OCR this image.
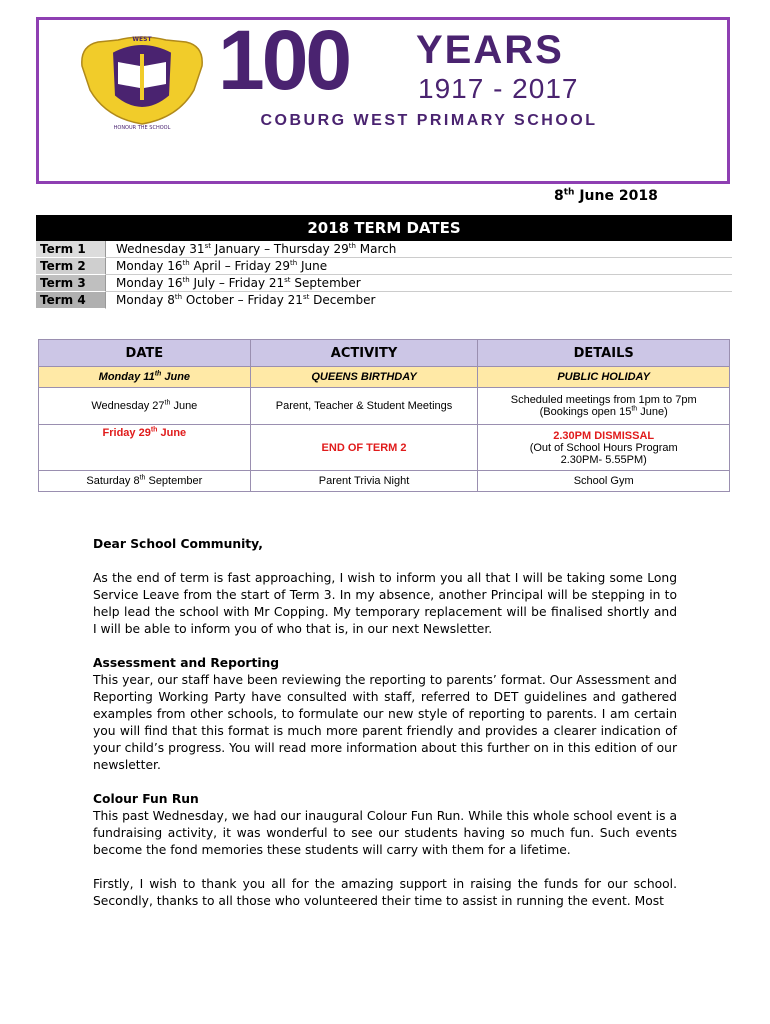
WEST
HONOUR THE SCHOOL
100 YEARS
1917 - 2017
COBURG WEST PRIMARY SCHOOL
8th June 2018
2018 TERM DATES
Term 1	Wednesday 31st January – Thursday 29th March
Term 2	Monday 16th April – Friday 29th June
Term 3	Monday 16th July – Friday 21st September
Term 4	Monday 8th October – Friday 21st December
DATE	ACTIVITY	DETAILS
Monday 11th June	QUEENS BIRTHDAY	PUBLIC HOLIDAY
Wednesday 27th June	Parent, Teacher & Student Meetings	Scheduled meetings from 1pm to 7pm
(Bookings open 15th June)
Friday 29th June	END OF TERM 2	2.30PM DISMISSAL
(Out of School Hours Program
2.30PM- 5.55PM)
Saturday 8th September	Parent Trivia Night	School Gym

Dear School Community,

As the end of term is fast approaching, I wish to inform you all that I will be taking some Long Service Leave from the start of Term 3. In my absence, another Principal will be stepping in to help lead the school with Mr Copping. My temporary replacement will be finalised shortly and I will be able to inform you of who that is, in our next Newsletter.

Assessment and Reporting

This year, our staff have been reviewing the reporting to parents’ format. Our Assessment and Reporting Working Party have consulted with staff, referred to DET guidelines and gathered examples from other schools, to formulate our new style of reporting to parents. I am certain you will find that this format is much more parent friendly and provides a clearer indication of your child’s progress. You will read more information about this further on in this edition of our newsletter.

Colour Fun Run

This past Wednesday, we had our inaugural Colour Fun Run. While this whole school event is a fundraising activity, it was wonderful to see our students having so much fun. Such events become the fond memories these students will carry with them for a lifetime.

Firstly, I wish to thank you all for the amazing support in raising the funds for our school. Secondly, thanks to all those who volunteered their time to assist in running the event. Most
